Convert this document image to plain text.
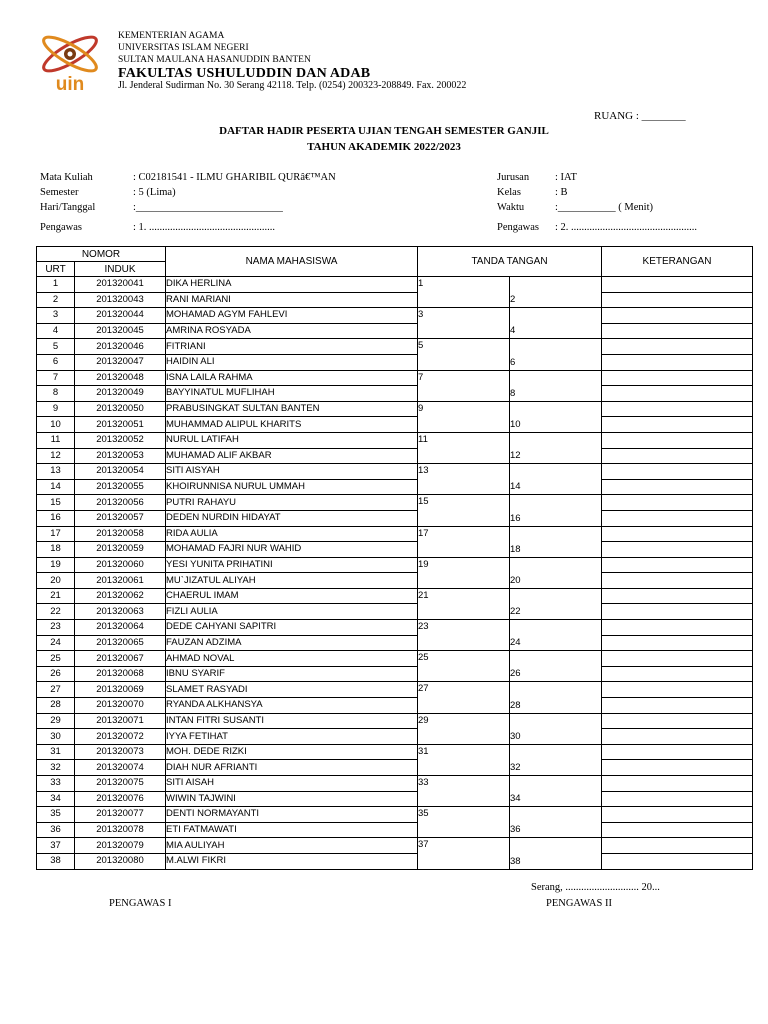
uin
KEMENTERIAN AGAMA
UNIVERSITAS ISLAM NEGERI
SULTAN MAULANA HASANUDDIN BANTEN
FAKULTAS USHULUDDIN DAN ADAB
Jl. Jenderal Sudirman No. 30 Serang 42118. Telp. (0254) 200323-208849. Fax. 200022
RUANG : ________
DAFTAR HADIR PESERTA UJIAN TENGAH SEMESTER GANJIL
TAHUN AKADEMIK 2022/2023
Mata Kuliah	: C02181541 - ILMU GHARIBIL QURâ€™AN
Semester	: 5 (Lima)
Hari/Tanggal	:____________________________
Pengawas	: 1. ................................................
Jurusan : IAT
Kelas	: B
Waktu	:___________ ( Menit)
Pengawas : 2. ................................................
NOMOR		NAMA MAHASISWA	TANDA TANGAN		KETERANGAN
URT	INDUK				
1	201320041	DIKA HERLINA	1		
2	201320043	RANI MARIANI		2	
3	201320044	MOHAMAD AGYM FAHLEVI	3		
4	201320045	AMRINA ROSYADA		4	
5	201320046	FITRIANI	5		
6	201320047	HAIDIN ALI		6	
7	201320048	ISNA LAILA RAHMA	7		
8	201320049	BAYYINATUL MUFLIHAH		8	
9	201320050	PRABUSINGKAT SULTAN BANTEN	9		
10	201320051	MUHAMMAD ALIPUL KHARITS		10	
11	201320052	NURUL LATIFAH	11		
12	201320053	MUHAMAD ALIF AKBAR		12	
13	201320054	SITI AISYAH	13		
14	201320055	KHOIRUNNISA NURUL UMMAH		14	
15	201320056	PUTRI RAHAYU	15		
16	201320057	DEDEN NURDIN HIDAYAT		16	
17	201320058	RIDA AULIA	17		
18	201320059	MOHAMAD FAJRI NUR WAHID		18	
19	201320060	YESI YUNITA PRIHATINI	19		
20	201320061	MU`JIZATUL ALIYAH		20	
21	201320062	CHAERUL IMAM	21		
22	201320063	FIZLI AULIA		22	
23	201320064	DEDE CAHYANI SAPITRI	23		
24	201320065	FAUZAN ADZIMA		24	
25	201320067	AHMAD NOVAL	25		
26	201320068	IBNU SYARIF		26	
27	201320069	SLAMET RASYADI	27		
28	201320070	RYANDA ALKHANSYA		28	
29	201320071	INTAN FITRI SUSANTI	29		
30	201320072	IYYA FETIHAT		30	
31	201320073	MOH. DEDE RIZKI	31		
32	201320074	DIAH NUR AFRIANTI		32	
33	201320075	SITI AISAH	33		
34	201320076	WIWIN TAJWINI		34	
35	201320077	DENTI NORMAYANTI	35		
36	201320078	ETI FATMAWATI		36	
37	201320079	MIA AULIYAH	37		
38	201320080	M.ALWI FIKRI		38	
Serang, ............................ 20...
PENGAWAS I	PENGAWAS II
